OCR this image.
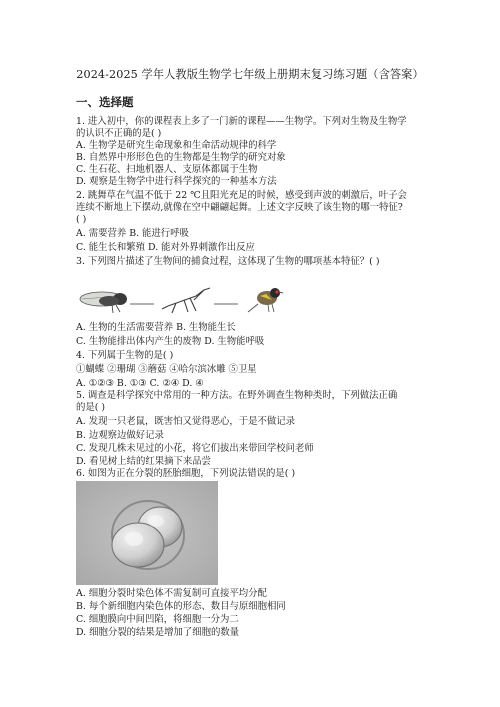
2024-2025 学年人教版生物学七年级上册期末复习练习题（含答案）
一、选择题
1. 进入初中，你的课程表上多了一门新的课程——生物学。下列对生物及生物学
的认识不正确的是( )
A. 生物学是研究生命现象和生命活动规律的科学
B. 自然界中形形色色的生物都是生物学的研究对象
C. 生石花、扫地机器人、支原体都属于生物
D. 观察是生物学中进行科学探究的一种基本方法
2. 跳舞草在气温不低于 22 ℃且阳光充足的时候，感受到声波的刺激后，叶子会
连续不断地上下摆动,就像在空中翩翩起舞。上述文字反映了该生物的哪一特征?
( )
A. 需要营养 B. 能进行呼吸
C. 能生长和繁殖 D. 能对外界刺激作出反应
3. 下列图片描述了生物间的捕食过程，这体现了生物的哪项基本特征？( )
A. 生物的生活需要营养 B. 生物能生长
C. 生物能排出体内产生的废物 D. 生物能呼吸
4. 下列属于生物的是( )
①蝴蝶 ②珊瑚 ③蘑菇 ④哈尔滨冰雕 ⑤卫星
A. ①②③ B. ①③ C. ②④ D. ④
5. 调查是科学探究中常用的一种方法。在野外调查生物种类时，下列做法正确
的是( )
A. 发现一只老鼠，既害怕又觉得恶心，于是不做记录
B. 边观察边做好记录
C. 发现几株未见过的小花，将它们拔出来带回学校问老师
D. 看见树上结的红果摘下来品尝
6. 如图为正在分裂的胚胎细胞，下列说法错误的是( )
A. 细胞分裂时染色体不需复制可直接平均分配
B. 每个新细胞内染色体的形态、数目与原细胞相同
C. 细胞膜向中间凹陷，将细胞一分为二
D. 细胞分裂的结果是增加了细胞的数量
